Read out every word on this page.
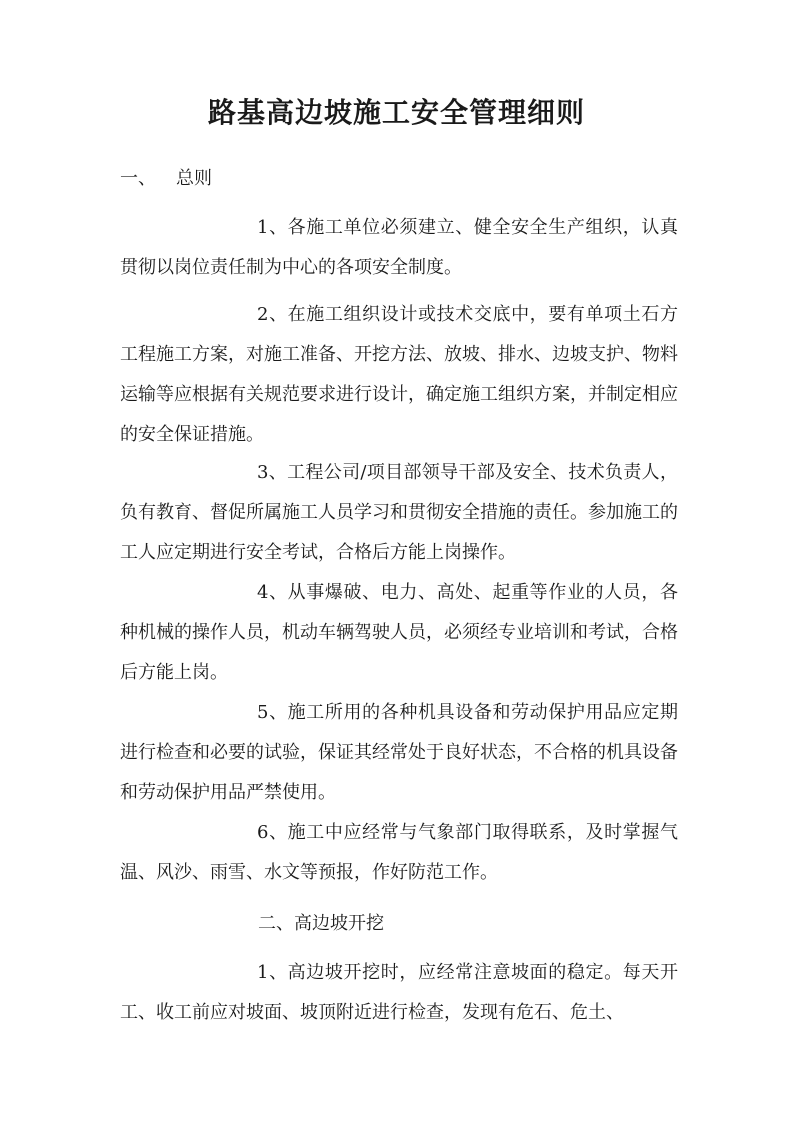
路基高边坡施工安全管理细则
一、 总则

1、各施工单位必须建立、健全安全生产组织，认真贯彻以岗位责任制为中心的各项安全制度。

2、在施工组织设计或技术交底中，要有单项土石方工程施工方案，对施工准备、开挖方法、放坡、排水、边坡支护、物料运输等应根据有关规范要求进行设计，确定施工组织方案，并制定相应的安全保证措施。

3、工程公司/项目部领导干部及安全、技术负责人，负有教育、督促所属施工人员学习和贯彻安全措施的责任。参加施工的工人应定期进行安全考试，合格后方能上岗操作。

4、从事爆破、电力、高处、起重等作业的人员，各种机械的操作人员，机动车辆驾驶人员，必须经专业培训和考试，合格后方能上岗。

5、施工所用的各种机具设备和劳动保护用品应定期进行检查和必要的试验，保证其经常处于良好状态，不合格的机具设备和劳动保护用品严禁使用。

6、施工中应经常与气象部门取得联系，及时掌握气温、风沙、雨雪、水文等预报，作好防范工作。

二、高边坡开挖

1、高边坡开挖时，应经常注意坡面的稳定。每天开工、收工前应对坡面、坡顶附近进行检查，发现有危石、危土、
